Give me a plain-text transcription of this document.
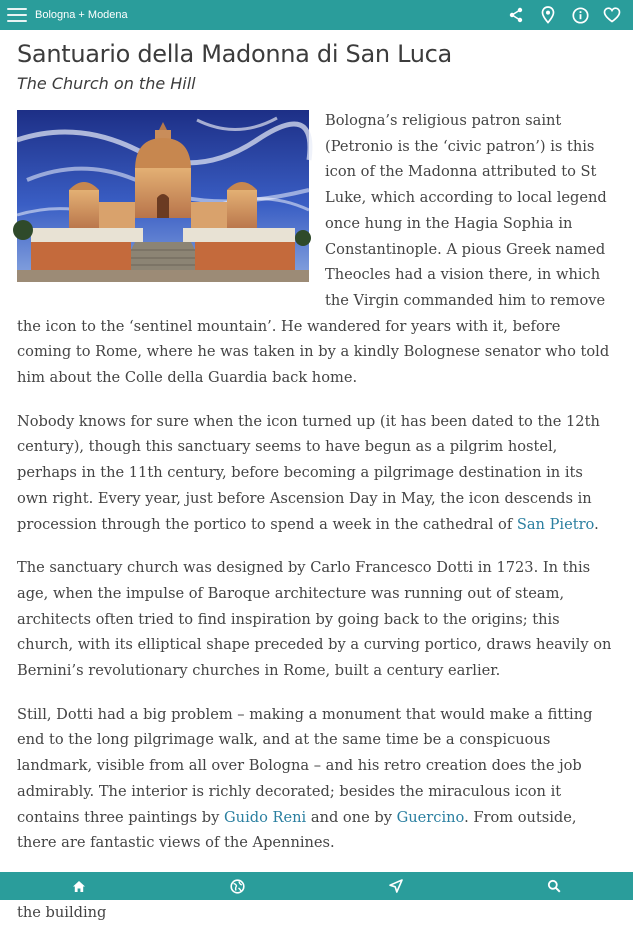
Bologna + Modena
Santuario della Madonna di San Luca
The Church on the Hill

Bologna’s religious patron saint (Petronio is the ‘civic patron’) is this icon of the Madonna attributed to St Luke, which according to local legend once hung in the Hagia Sophia in Constantinople. A pious Greek named Theocles had a vision there, in which the Virgin commanded him to remove the icon to the ‘sentinel mountain’. He wandered for years with it, before coming to Rome, where he was taken in by a kindly Bolognese senator who told him about the Colle della Guardia back home.

Nobody knows for sure when the icon turned up (it has been dated to the 12th century), though this sanctuary seems to have begun as a pilgrim hostel, perhaps in the 11th century, before becoming a pilgrimage destination in its own right. Every year, just before Ascension Day in May, the icon descends in procession through the portico to spend a week in the cathedral of San Pietro.

The sanctuary church was designed by Carlo Francesco Dotti in 1723. In this age, when the impulse of Baroque architecture was running out of steam, architects often tried to find inspiration by going back to the origins; this church, with its elliptical shape preceded by a curving portico, draws heavily on Bernini’s revolutionary churches in Rome, built a century earlier.

Still, Dotti had a big problem – making a monument that would make a fitting end to the long pilgrimage walk, and at the same time be a conspicuous landmark, visible from all over Bologna – and his retro creation does the job admirably. The interior is richly decorated; besides the miraculous icon it contains three paintings by Guido Reni and one by Guercino. From outside, there are fantastic views of the Apennines.

the building
